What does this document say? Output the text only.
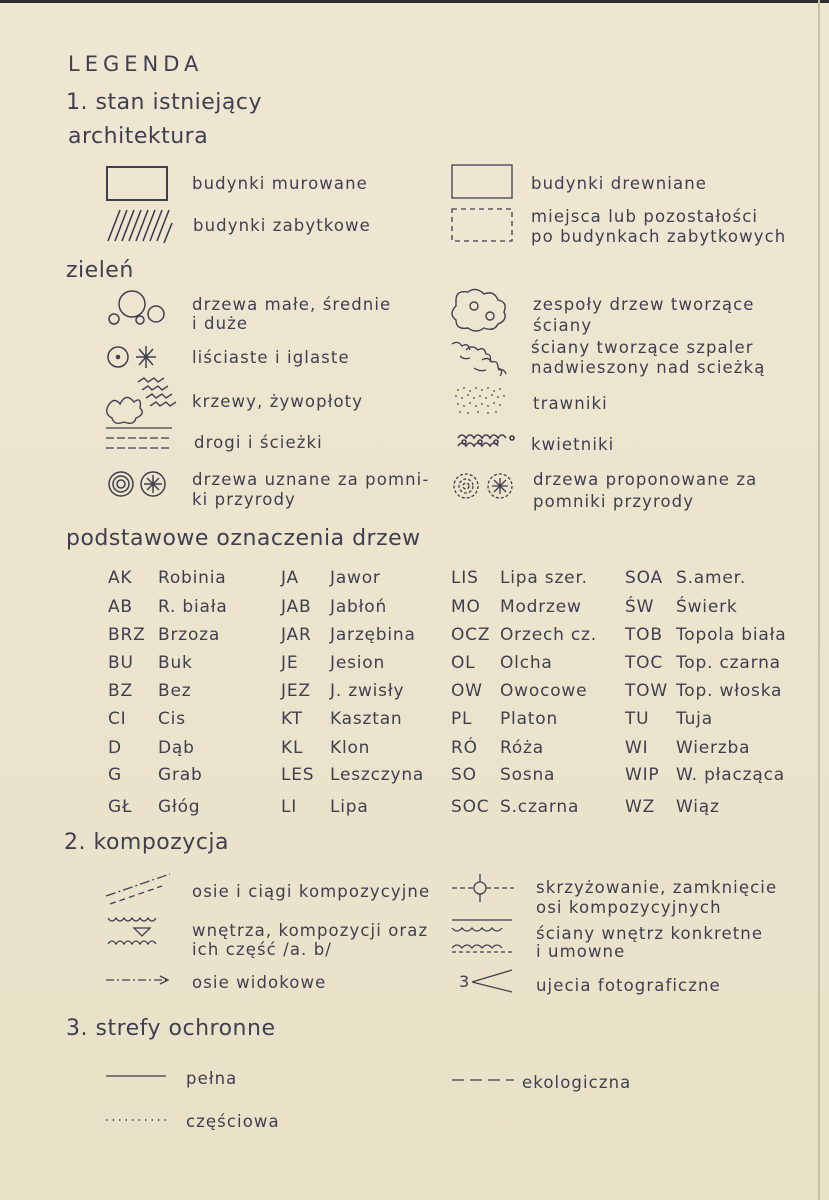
LEGENDA
1. stan istniejący
architektura
budynki murowane
budynki zabytkowe
budynki drewniane
miejsca lub pozostałości
po budynkach zabytkowych
zieleń
drzewa małe, średnie
i duże
liściaste i iglaste
krzewy, żywopłoty
drogi i ścieżki
drzewa uznane za pomni-
ki przyrody
zespoły drzew tworzące
ściany
ściany tworzące szpaler
nadwieszony nad scieżką
trawniki
kwietniki
drzewa proponowane za
pomniki przyrody
podstawowe oznaczenia drzew
AK Robinia
AB R. biała
BRZ Brzoza
BU Buk
BZ Bez
CI Cis
D Dąb
G Grab
GŁ Głóg
JA Jawor
JAB Jabłoń
JAR Jarzębina
JE Jesion
JEZ J. zwisły
KT Kasztan
KL Klon
LES Leszczyna
LI Lipa
LIS Lipa szer.
MO Modrzew
OCZ Orzech cz.
OL Olcha
OW Owocowe
PL Platon
RÓ Róża
SO Sosna
SOC S.czarna
SOA S.amer.
ŚW Świerk
TOB Topola biała
TOC Top. czarna
TOW Top. włoska
TU Tuja
WI Wierzba
WIP W. płacząca
WZ Wiąz
2. kompozycja
osie i ciągi kompozycyjne
wnętrza, kompozycji oraz
ich część /a. b/
osie widokowe	3
skrzyżowanie, zamknięcie
osi kompozycyjnych
ściany wnętrz konkretne
i umowne
ujecia fotograficzne
3. strefy ochronne
pełna
częściowa
ekologiczna
